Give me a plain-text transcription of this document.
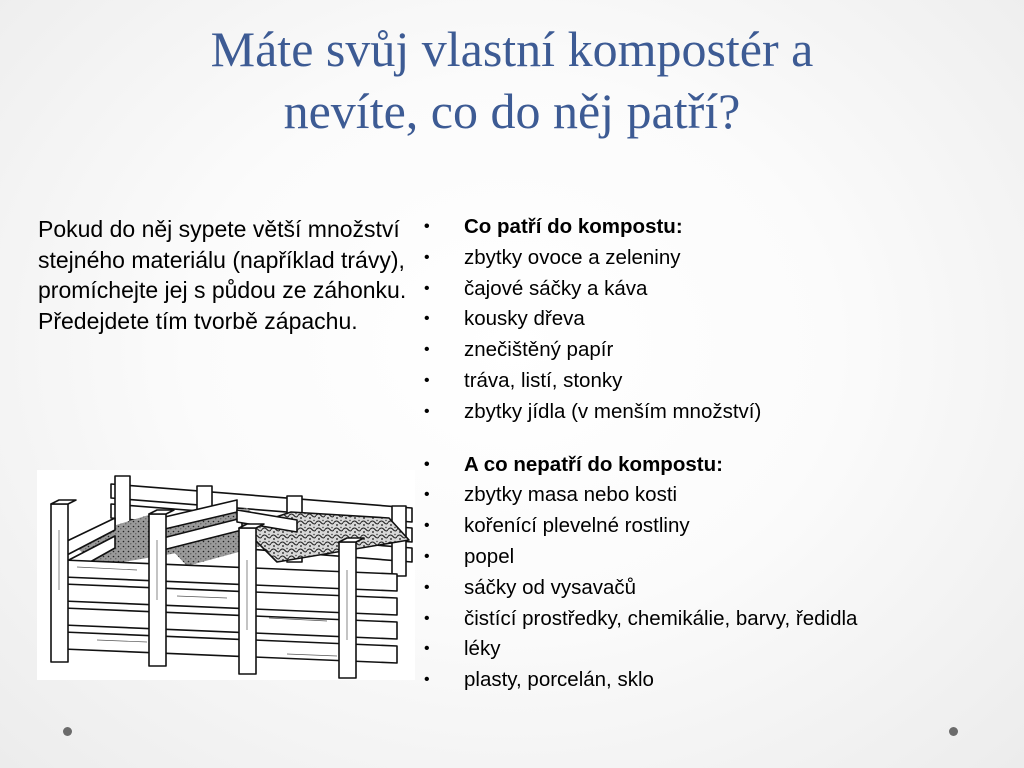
Máte svůj vlastní kompostér a
nevíte, co do něj patří?

Pokud do něj sypete větší množství stejného materiálu (například trávy), promíchejte jej s půdou ze záhonku. Předejdete tím tvorbě zápachu.

• Co patří do kompostu:
• zbytky ovoce a zeleniny
• čajové sáčky a káva
• kousky dřeva
• znečištěný papír
• tráva, listí, stonky
• zbytky jídla (v menším množství)
• A co nepatří do kompostu:
• zbytky masa nebo kosti
• kořenící plevelné rostliny
• popel
• sáčky od vysavačů
• čistící prostředky, chemikálie, barvy, ředidla
• léky
• plasty, porcelán, sklo
